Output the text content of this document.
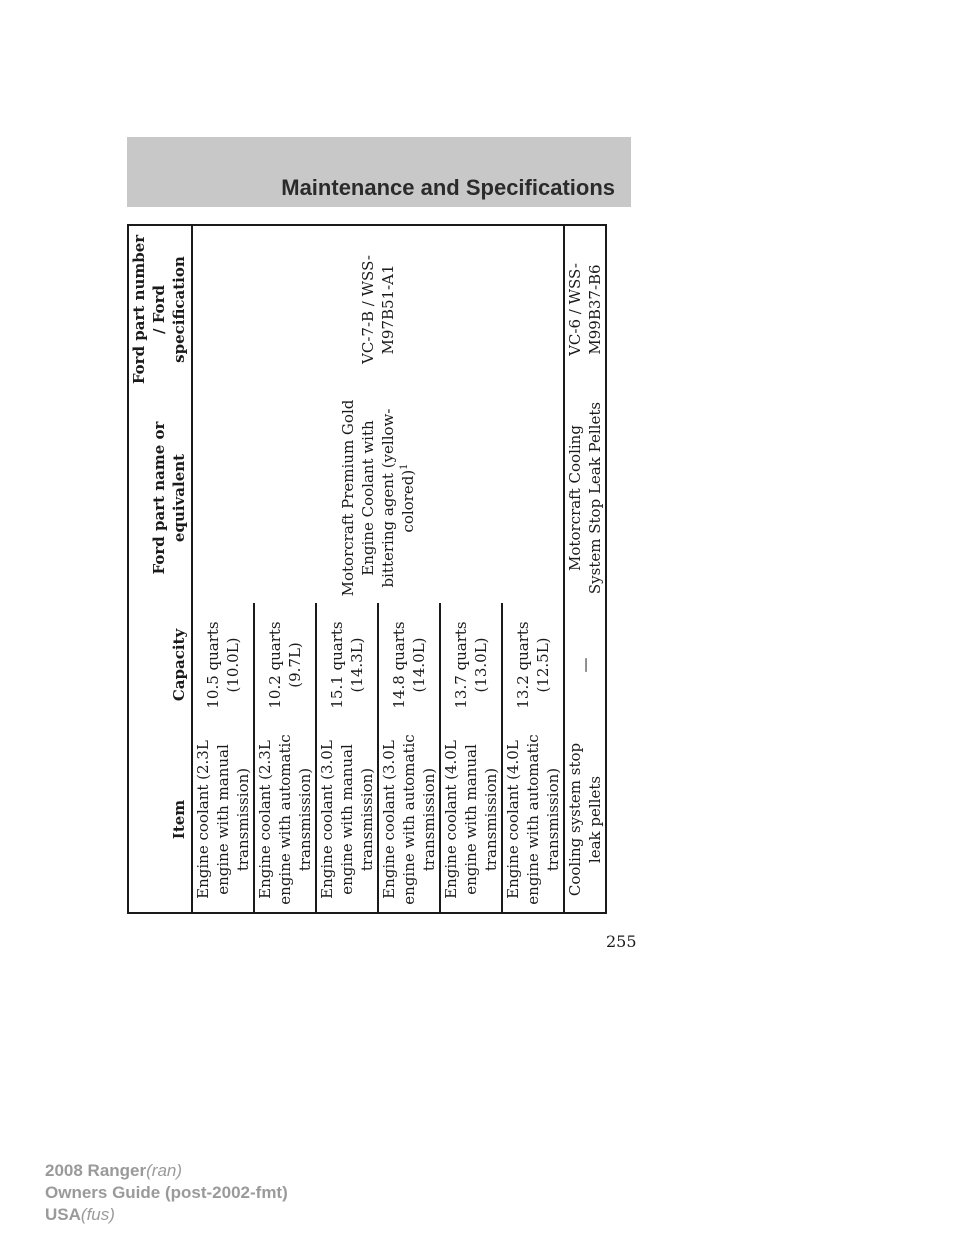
Maintenance and Specifications
Item	Capacity	Ford part name or equivalent	Ford part number / Ford specification
Engine coolant (2.3L engine with manual transmission)	10.5 quarts (10.0L)	Motorcraft Premium Gold Engine Coolant with bittering agent (yellow-colored)$^1$	VC-7-B / WSS-M97B51-A1
Engine coolant (2.3L engine with automatic transmission)	10.2 quarts (9.7L)		
Engine coolant (3.0L engine with manual transmission)	15.1 quarts (14.3L)		
Engine coolant (3.0L engine with automatic transmission)	14.8 quarts (14.0L)		
Engine coolant (4.0L engine with manual transmission)	13.7 quarts (13.0L)		
Engine coolant (4.0L engine with automatic transmission)	13.2 quarts (12.5L)		
Cooling system stop leak pellets	—	Motorcraft Cooling System Stop Leak Pellets	VC-6 / WSS-M99B37-B6
255
2008 Ranger(ran)
Owners Guide (post-2002-fmt)
USA(fus)
